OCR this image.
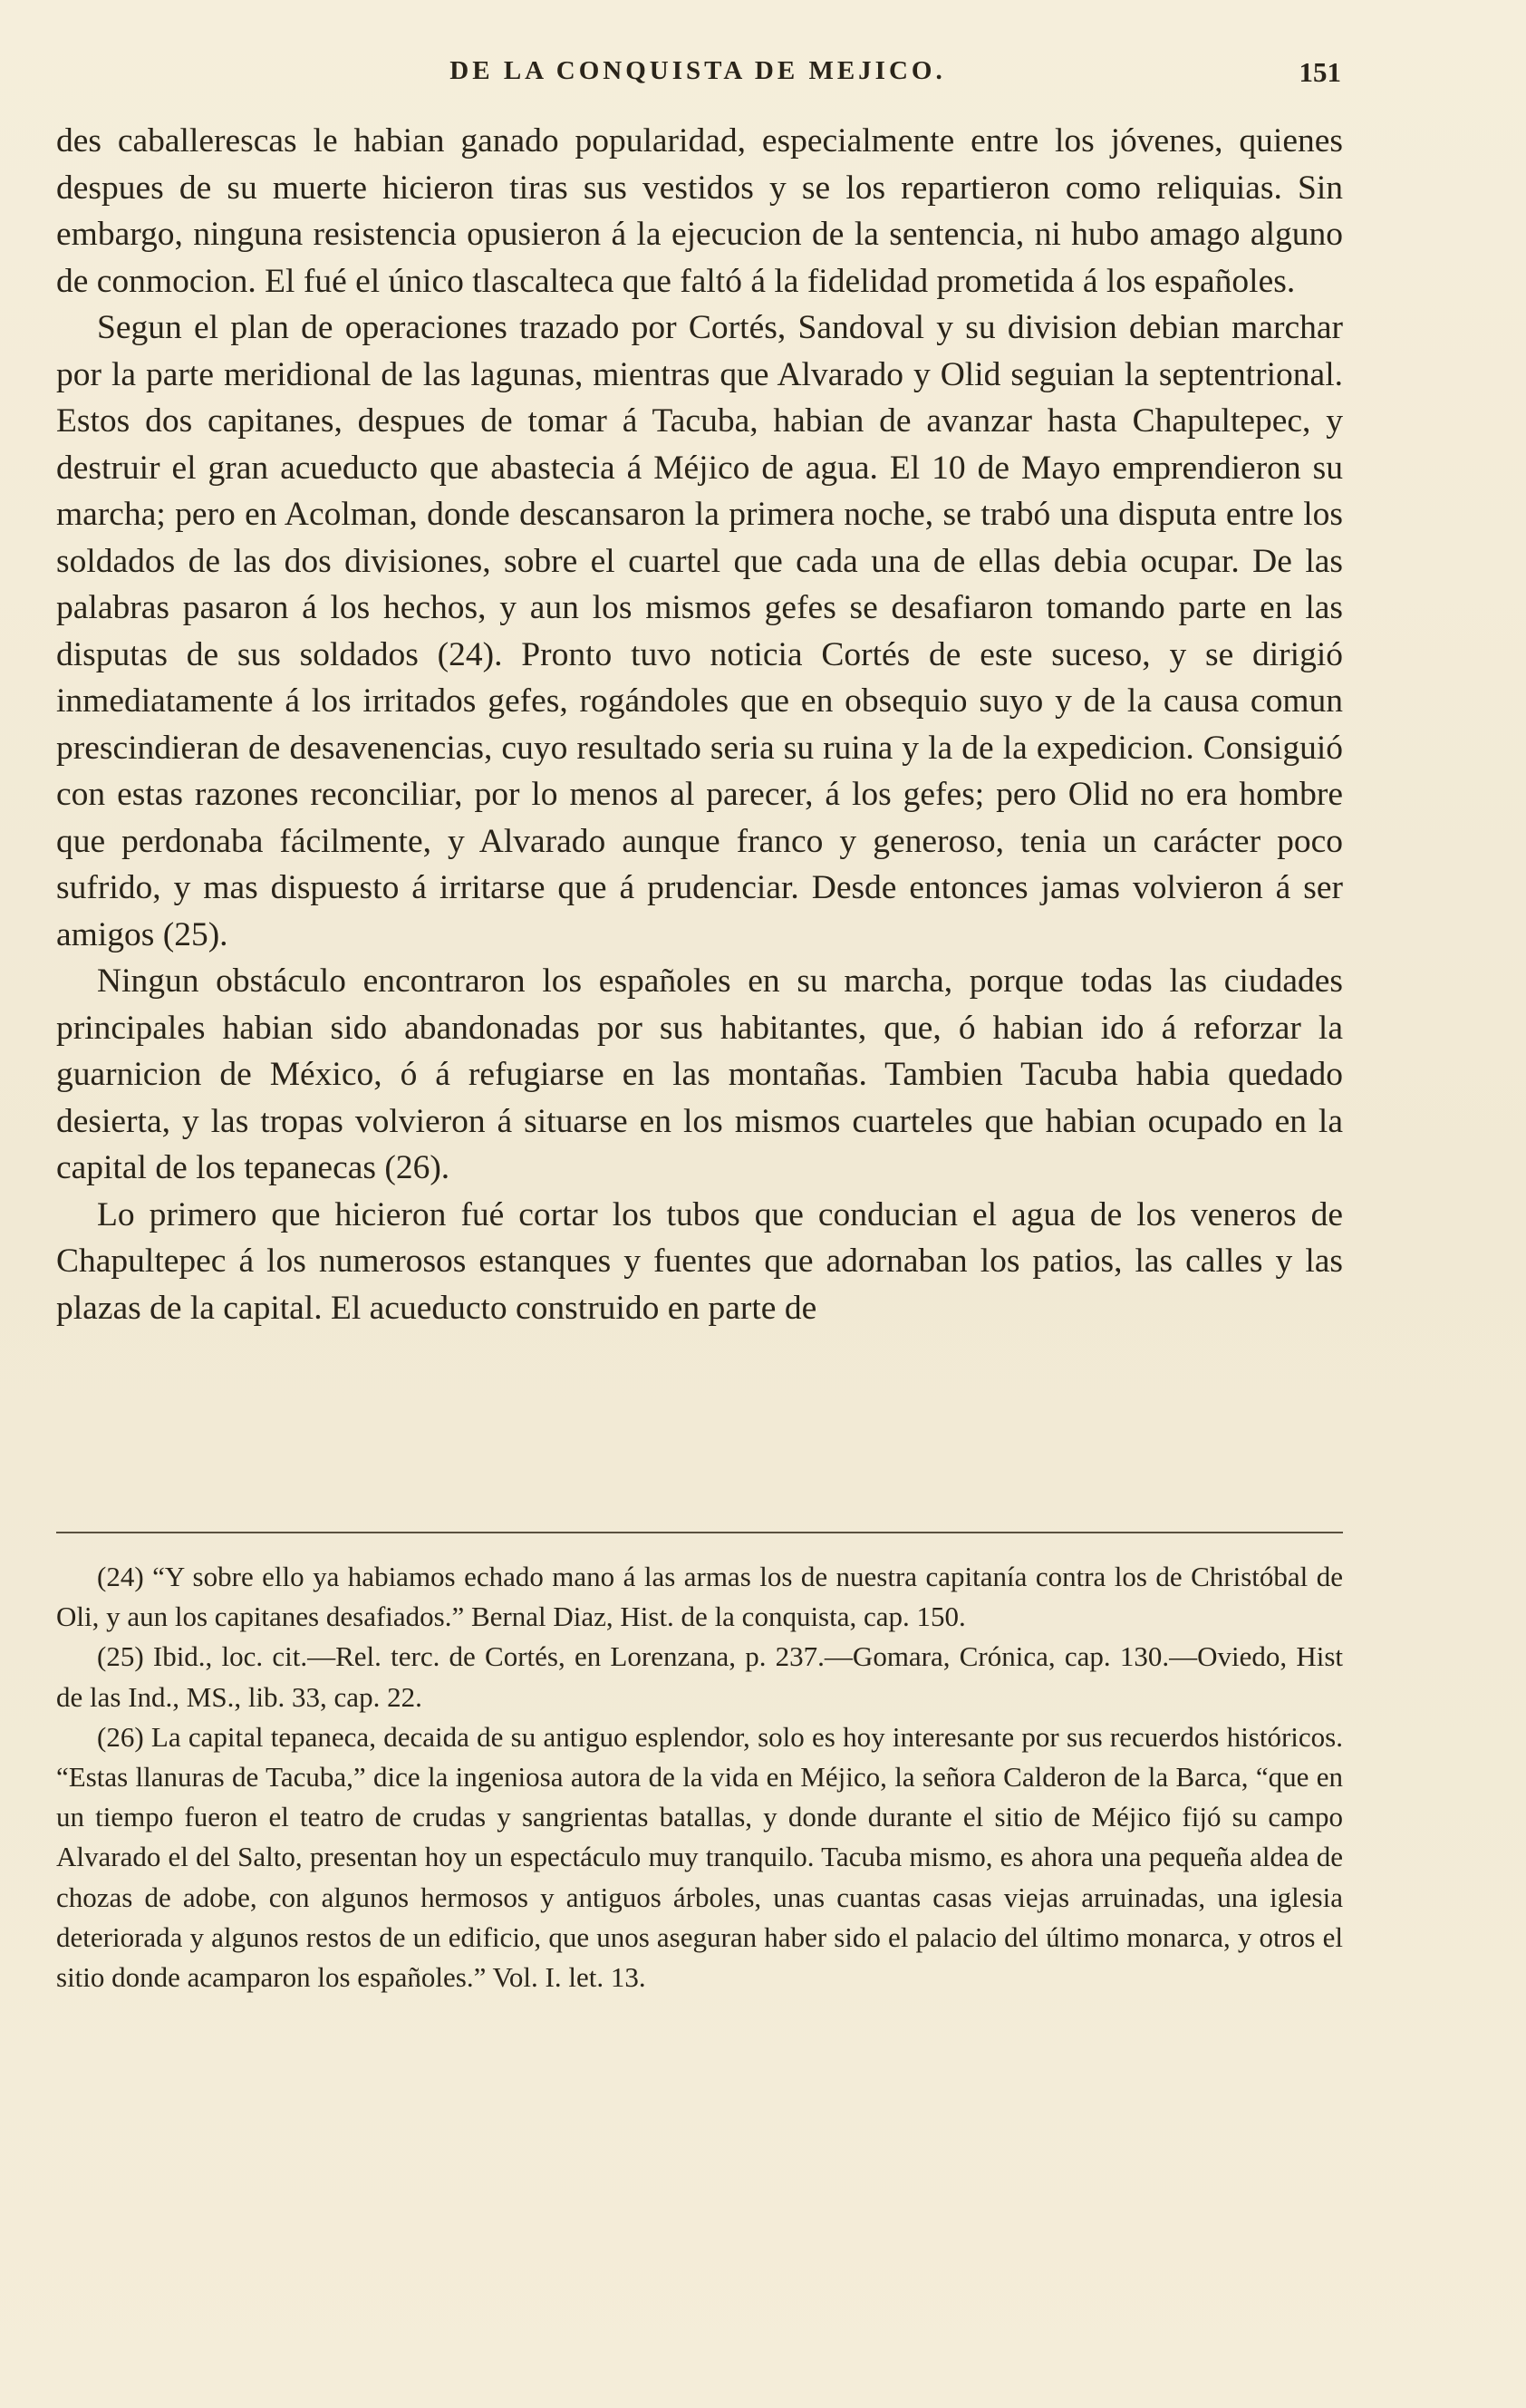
DE LA CONQUISTA DE MEJICO.	151

des caballerescas le habian ganado popularidad, especialmente entre los jóvenes, quienes despues de su muerte hicieron tiras sus vestidos y se los repartieron como reliquias. Sin embargo, ninguna resistencia opusieron á la ejecucion de la sentencia, ni hubo amago alguno de conmocion. El fué el único tlascalteca que faltó á la fidelidad prometida á los españoles.

Segun el plan de operaciones trazado por Cortés, Sandoval y su division debian marchar por la parte meridional de las lagunas, mientras que Alvarado y Olid seguian la septentrional. Estos dos capitanes, despues de tomar á Tacuba, habian de avanzar hasta Chapultepec, y destruir el gran acueducto que abastecia á Méjico de agua. El 10 de Mayo emprendieron su marcha; pero en Acolman, donde descansaron la primera noche, se trabó una disputa entre los soldados de las dos divisiones, sobre el cuartel que cada una de ellas debia ocupar. De las palabras pasaron á los hechos, y aun los mismos gefes se desafiaron tomando parte en las disputas de sus soldados (24). Pronto tuvo noticia Cortés de este suceso, y se dirigió inmediatamente á los irritados gefes, rogándoles que en obsequio suyo y de la causa comun prescindieran de desavenencias, cuyo resultado seria su ruina y la de la expedicion. Consiguió con estas razones reconciliar, por lo menos al parecer, á los gefes; pero Olid no era hombre que perdonaba fácilmente, y Alvarado aunque franco y generoso, tenia un carácter poco sufrido, y mas dispuesto á irritarse que á prudenciar. Desde entonces jamas volvieron á ser amigos (25).

Ningun obstáculo encontraron los españoles en su marcha, porque todas las ciudades principales habian sido abandonadas por sus habitantes, que, ó habian ido á reforzar la guarnicion de México, ó á refugiarse en las montañas. Tambien Tacuba habia quedado desierta, y las tropas volvieron á situarse en los mismos cuarteles que habian ocupado en la capital de los tepanecas (26).

Lo primero que hicieron fué cortar los tubos que conducian el agua de los veneros de Chapultepec á los numerosos estanques y fuentes que adornaban los patios, las calles y las plazas de la capital. El acueducto construido en parte de

(24) “Y sobre ello ya habiamos echado mano á las armas los de nuestra capitanía contra los de Christóbal de Oli, y aun los capitanes desafiados.” Bernal Diaz, Hist. de la conquista, cap. 150.

(25) Ibid., loc. cit.—Rel. terc. de Cortés, en Lorenzana, p. 237.—Gomara, Crónica, cap. 130.—Oviedo, Hist de las Ind., MS., lib. 33, cap. 22.

(26) La capital tepaneca, decaida de su antiguo esplendor, solo es hoy interesante por sus recuerdos históricos. “Estas llanuras de Tacuba,” dice la ingeniosa autora de la vida en Méjico, la señora Calderon de la Barca, “que en un tiempo fueron el teatro de crudas y sangrientas batallas, y donde durante el sitio de Méjico fijó su campo Alvarado el del Salto, presentan hoy un espectáculo muy tranquilo. Tacuba mismo, es ahora una pequeña aldea de chozas de adobe, con algunos hermosos y antiguos árboles, unas cuantas casas viejas arruinadas, una iglesia deteriorada y algunos restos de un edificio, que unos aseguran haber sido el palacio del último monarca, y otros el sitio donde acamparon los españoles.” Vol. I. let. 13.
